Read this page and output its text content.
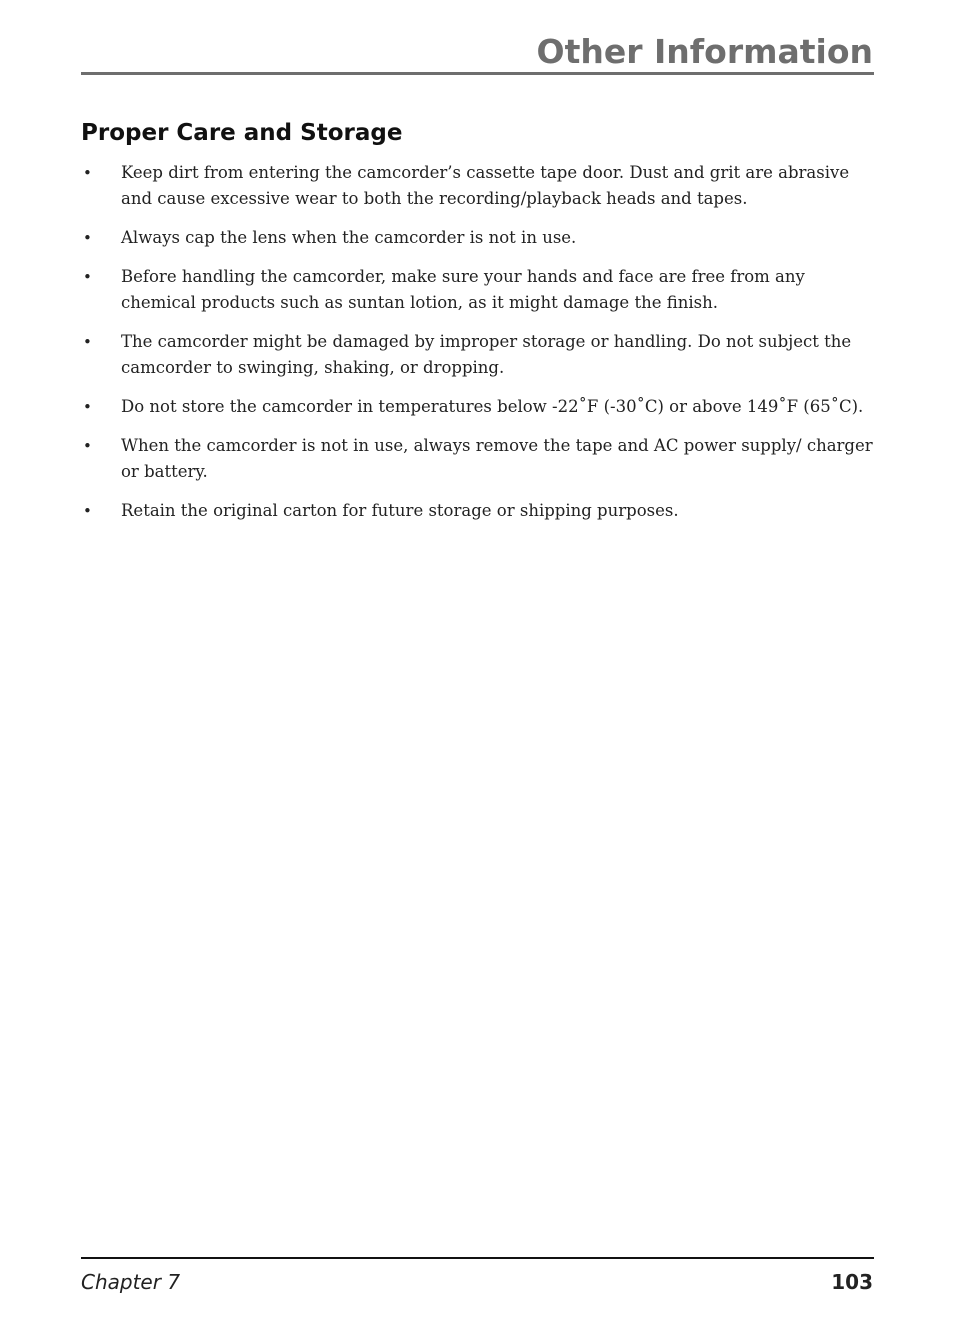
Other Information
Proper Care and Storage
• Keep dirt from entering the camcorder’s cassette tape door. Dust and grit are abrasive and cause excessive wear to both the recording/playback heads and tapes.
• Always cap the lens when the camcorder is not in use.
• Before handling the camcorder, make sure your hands and face are free from any chemical products such as suntan lotion, as it might damage the finish.
• The camcorder might be damaged by improper storage or handling. Do not subject the camcorder to swinging, shaking, or dropping.
• Do not store the camcorder in temperatures below -22˚F (-30˚C) or above 149˚F (65˚C).
• When the camcorder is not in use, always remove the tape and AC power supply/ charger or battery.
• Retain the original carton for future storage or shipping purposes.
Chapter 7	103
